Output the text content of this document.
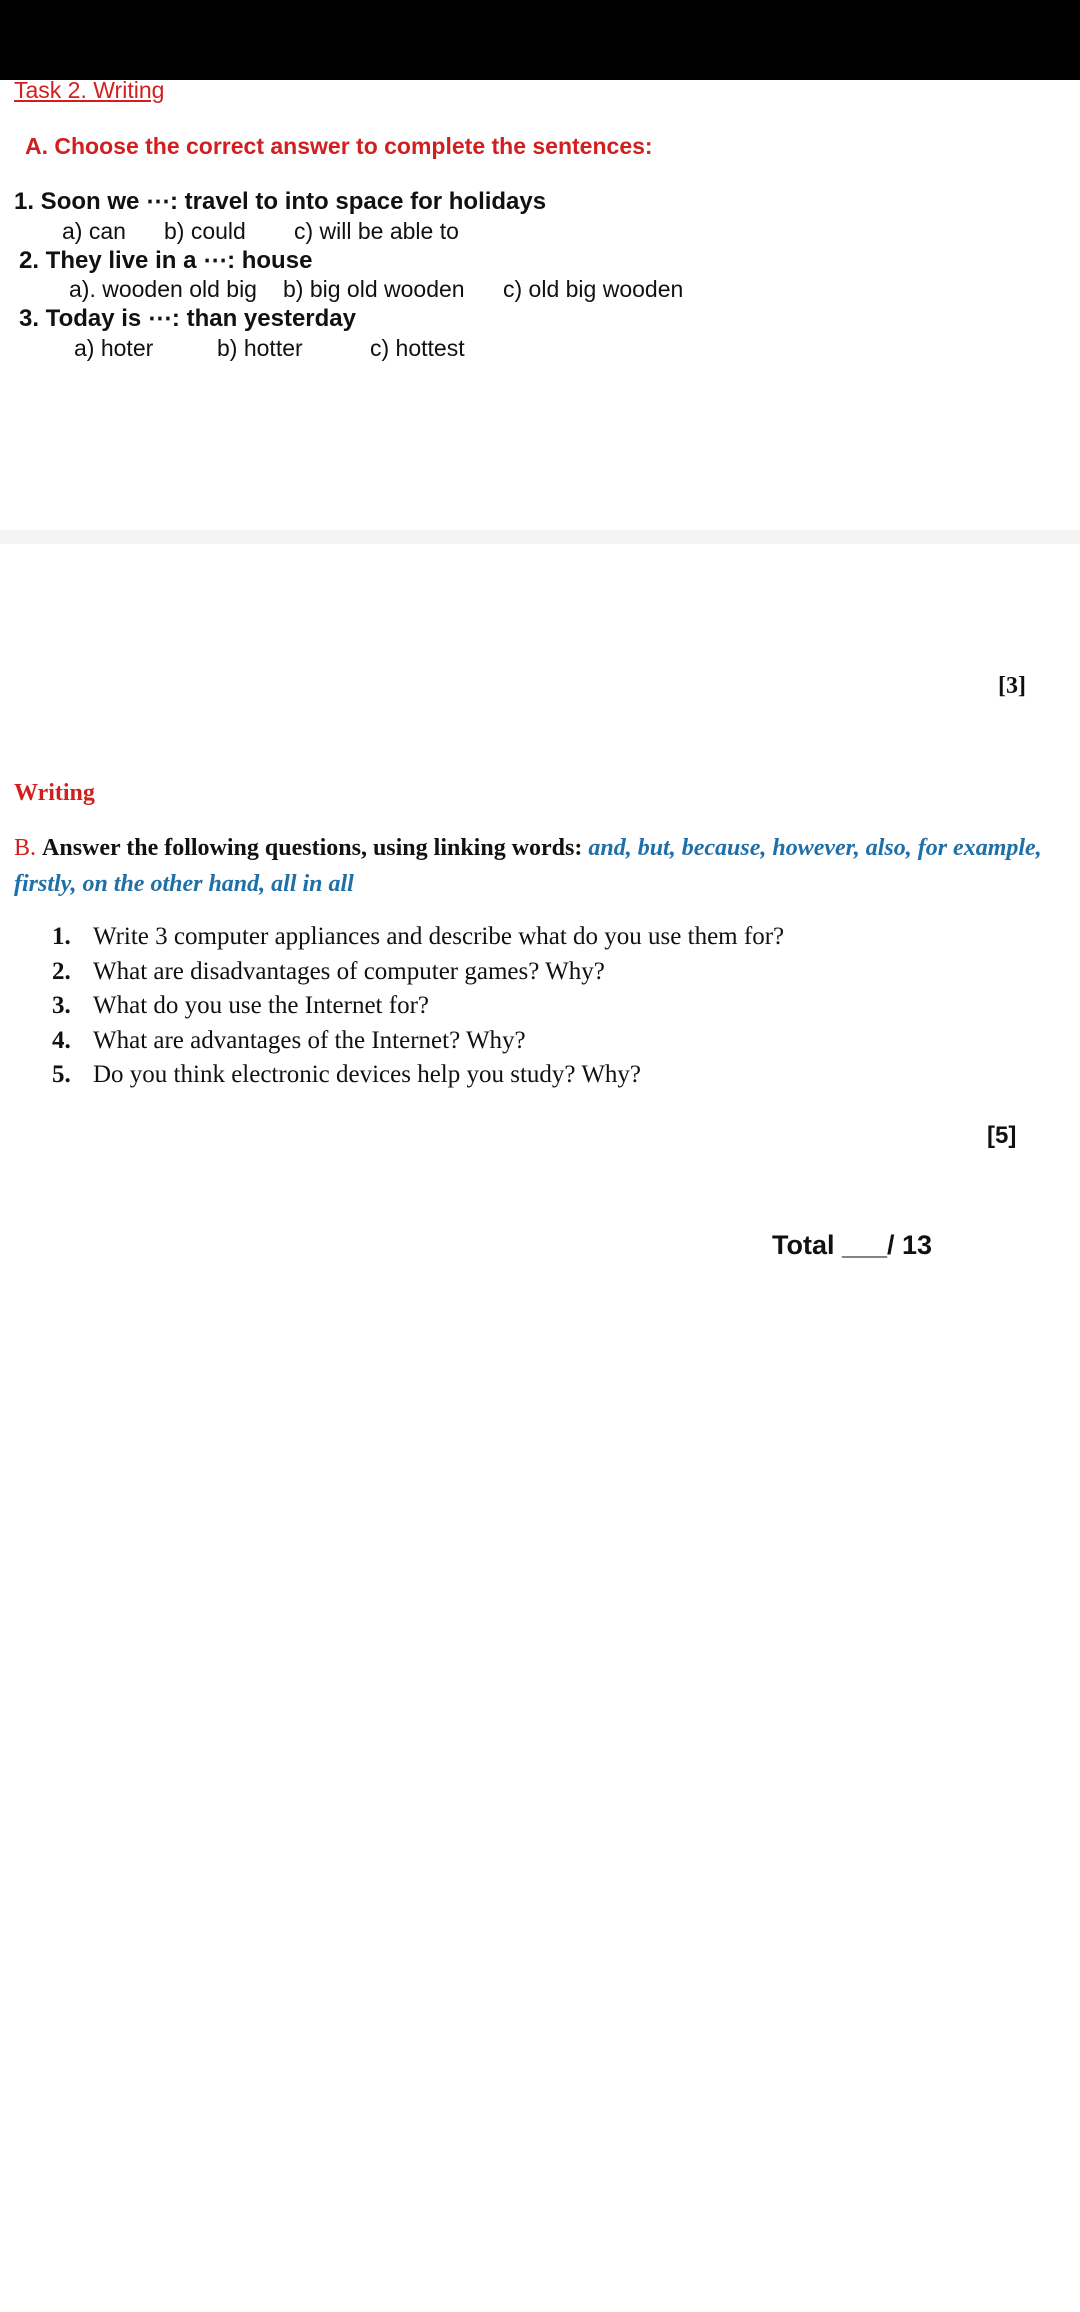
Task 2. Writing
A. Choose the correct answer to complete the sentences:
1. Soon we ⋯: travel to into space for holidays
a) can b) could c) will be able to
2. They live in a ⋯: house
a). wooden old big b) big old wooden c) old big wooden
3. Today is ⋯: than yesterday
a) hoter	b) hotter	c) hottest
[3]
Writing
B. Answer the following questions, using linking words: and, but, because, however, also, for example, firstly, on the other hand, all in all
1. Write 3 computer appliances and describe what do you use them for?
2. What are disadvantages of computer games? Why?
3. What do you use the Internet for?
4. What are advantages of the Internet? Why?
5. Do you think electronic devices help you study? Why?
[5]
Total ___/ 13
